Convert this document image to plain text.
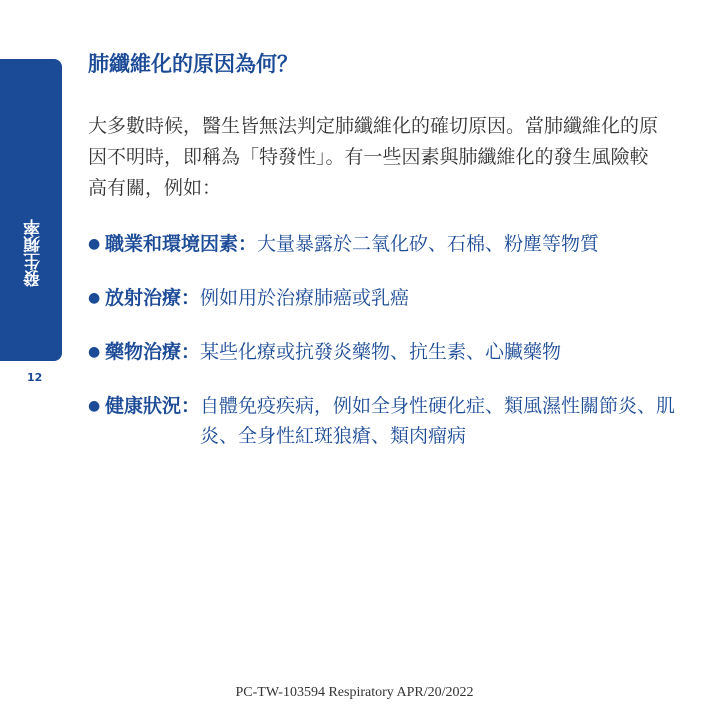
發生頻率
12
肺纖維化的原因為何？

大多數時候，醫生皆無法判定肺纖維化的確切原因。當肺纖維化的原因不明時，即稱為「特發性」。有一些因素與肺纖維化的發生風險較高有關，例如：

● 職業和環境因素 ： 大量暴露於二氧化矽、石棉、粉塵等物質
● 放射治療 ： 例如用於治療肺癌或乳癌
● 藥物治療 ： 某些化療或抗發炎藥物、抗生素、心臟藥物
● 健康狀況 ： 自體免疫疾病，例如全身性硬化症、類風濕性關節炎、肌炎、全身性紅斑狼瘡、類肉瘤病
PC-TW-103594 Respiratory APR/20/2022
